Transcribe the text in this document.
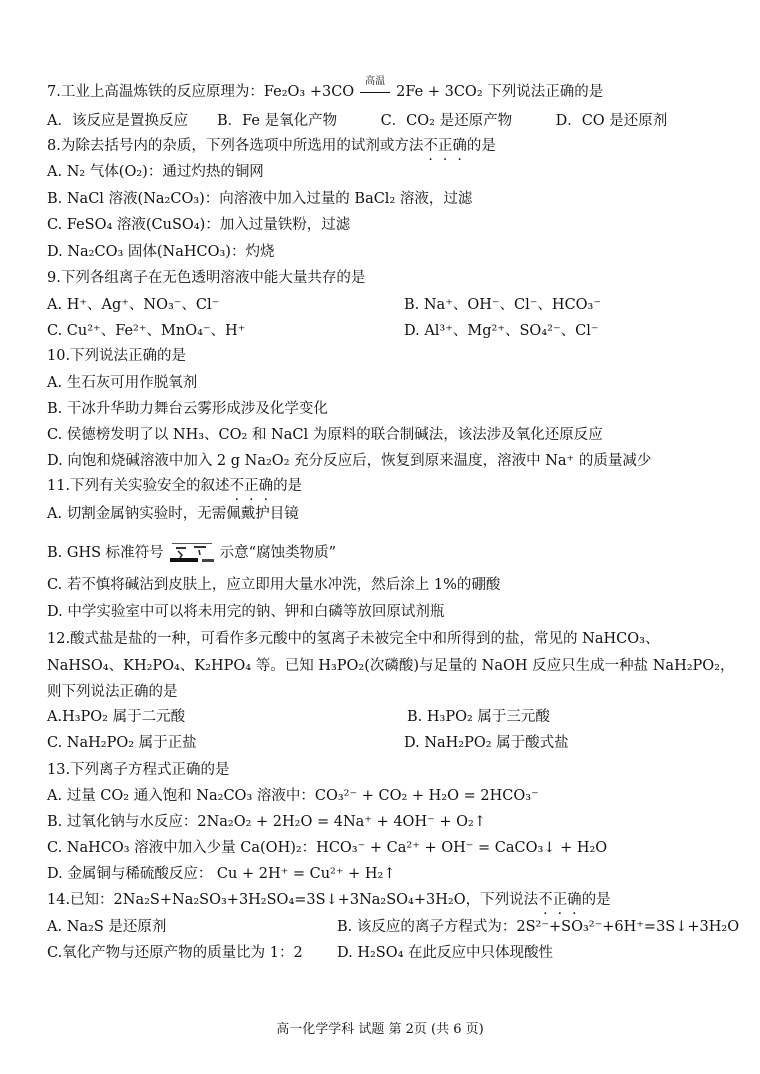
7.工业上高温炼铁的反应原理为：Fe₂O₃ +3CO
高温
2Fe + 3CO₂ 下列说法正确的是
A．该反应是置换反应　　B．Fe 是氧化产物　　　C．CO₂ 是还原产物　　　D．CO 是还原剂
8.为除去括号内的杂质，下列各选项中所选用的试剂或方法不正确的是
A. N₂ 气体(O₂)：通过灼热的铜网
B. NaCl 溶液(Na₂CO₃)：向溶液中加入过量的 BaCl₂ 溶液，过滤
C. FeSO₄ 溶液(CuSO₄)：加入过量铁粉，过滤
D. Na₂CO₃ 固体(NaHCO₃)：灼烧
9.下列各组离子在无色透明溶液中能大量共存的是
A. H⁺、Ag⁺、NO₃⁻、Cl⁻	B. Na⁺、OH⁻、Cl⁻、HCO₃⁻
C. Cu²⁺、Fe²⁺、MnO₄⁻、H⁺	D. Al³⁺、Mg²⁺、SO₄²⁻、Cl⁻
10.下列说法正确的是
A. 生石灰可用作脱氧剂
B. 干冰升华助力舞台云雾形成涉及化学变化
C. 侯德榜发明了以 NH₃、CO₂ 和 NaCl 为原料的联合制碱法，该法涉及氧化还原反应
D. 向饱和烧碱溶液中加入 2 g Na₂O₂ 充分反应后，恢复到原来温度，溶液中 Na⁺ 的质量减少
11.下列有关实验安全的叙述不正确的是
A. 切割金属钠实验时，无需佩戴护目镜
B. GHS 标准符号	示意“腐蚀类物质”
C. 若不慎将碱沾到皮肤上，应立即用大量水冲洗，然后涂上 1%的硼酸
D. 中学实验室中可以将未用完的钠、钾和白磷等放回原试剂瓶
12.酸式盐是盐的一种，可看作多元酸中的氢离子未被完全中和所得到的盐，常见的 NaHCO₃、
NaHSO₄、KH₂PO₄、K₂HPO₄ 等。已知 H₃PO₂(次磷酸)与足量的 NaOH 反应只生成一种盐 NaH₂PO₂，
则下列说法正确的是
A.H₃PO₂ 属于二元酸	B. H₃PO₂ 属于三元酸
C. NaH₂PO₂ 属于正盐	D. NaH₂PO₂ 属于酸式盐
13.下列离子方程式正确的是
A. 过量 CO₂ 通入饱和 Na₂CO₃ 溶液中：CO₃²⁻ + CO₂ + H₂O = 2HCO₃⁻
B. 过氧化钠与水反应：2Na₂O₂ + 2H₂O = 4Na⁺ + 4OH⁻ + O₂↑
C. NaHCO₃ 溶液中加入少量 Ca(OH)₂：HCO₃⁻ + Ca²⁺ + OH⁻ = CaCO₃↓ + H₂O
D. 金属铜与稀硫酸反应： Cu + 2H⁺ = Cu²⁺ + H₂↑
14.已知：2Na₂S+Na₂SO₃+3H₂SO₄=3S↓+3Na₂SO₄+3H₂O，下列说法不正确的是
A. Na₂S 是还原剂	B. 该反应的离子方程式为：2S²⁻+SO₃²⁻+6H⁺=3S↓+3H₂O
C.氧化产物与还原产物的质量比为 1：2 D. H₂SO₄ 在此反应中只体现酸性
高一化学学科 试题 第 2页 (共 6 页)
